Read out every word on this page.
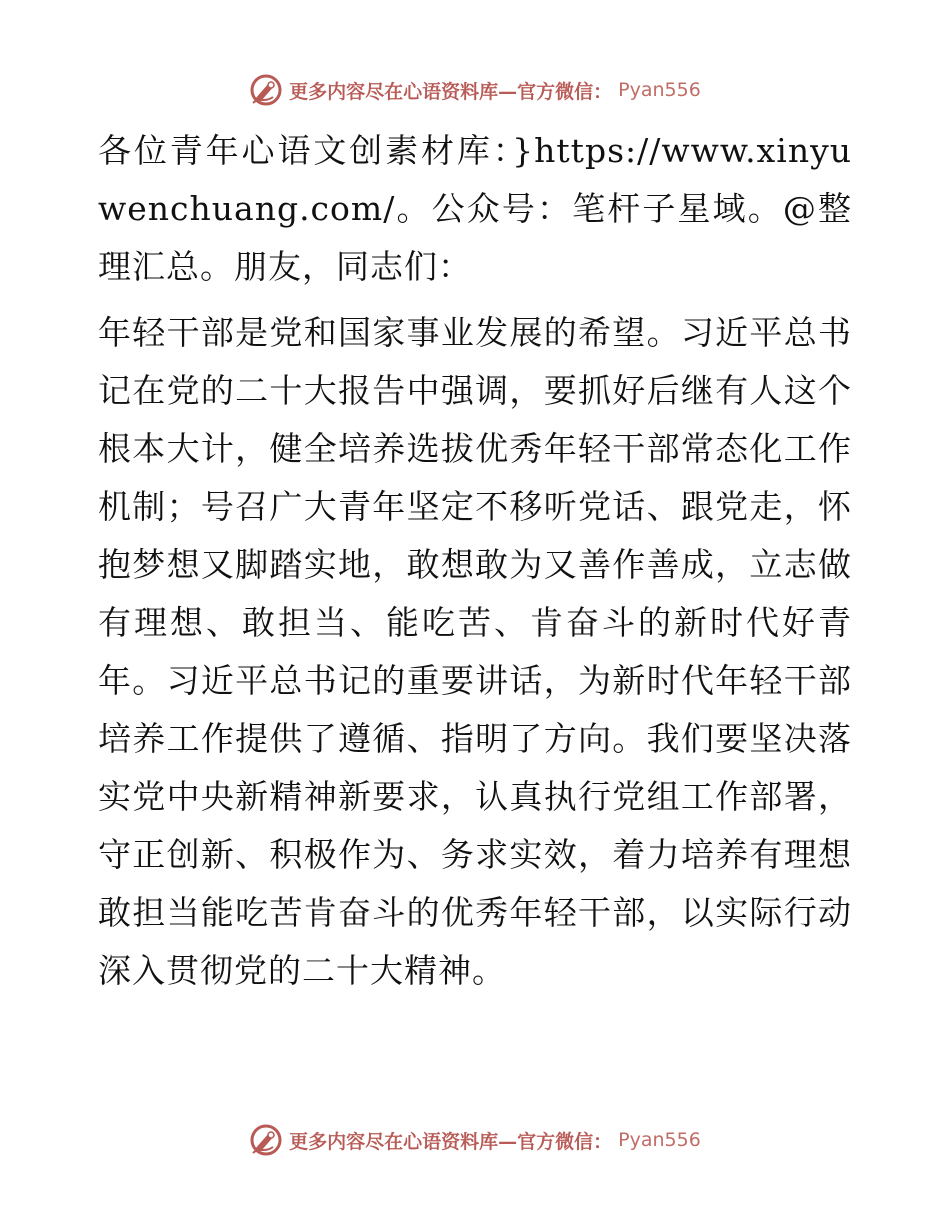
更多内容尽在心语资料库—官方微信： Pyan556

各位青年心语文创素材库：}https://www.xinyuwenchuang.com/。公众号：笔杆子星域。@整理汇总。朋友，同志们：

年轻干部是党和国家事业发展的希望。习近平总书记在党的二十大报告中强调，要抓好后继有人这个根本大计，健全培养选拔优秀年轻干部常态化工作机制；号召广大青年坚定不移听党话、跟党走，怀抱梦想又脚踏实地，敢想敢为又善作善成，立志做有理想、敢担当、能吃苦、肯奋斗的新时代好青年。习近平总书记的重要讲话，为新时代年轻干部培养工作提供了遵循、指明了方向。我们要坚决落实党中央新精神新要求，认真执行党组工作部署，守正创新、积极作为、务求实效，着力培养有理想敢担当能吃苦肯奋斗的优秀年轻干部，以实际行动深入贯彻党的二十大精神。

更多内容尽在心语资料库—官方微信： Pyan556
